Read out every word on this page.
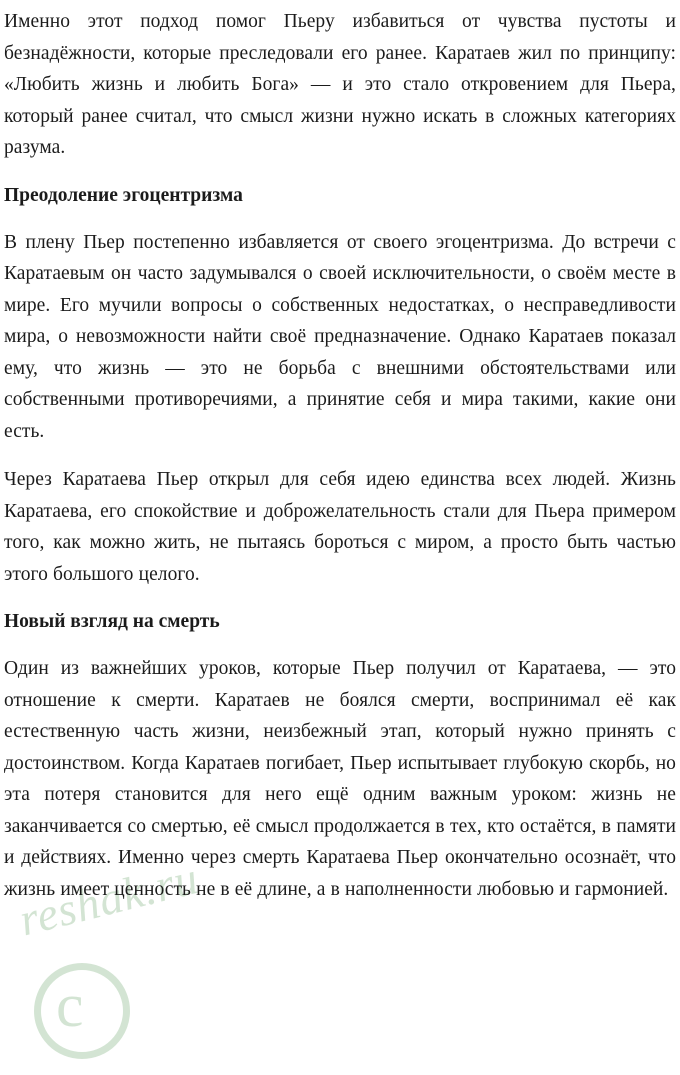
reshak.ru
c

Именно этот подход помог Пьеру избавиться от чувства пустоты и безнадёжности, которые преследовали его ранее. Каратаев жил по принципу: «Любить жизнь и любить Бога» — и это стало откровением для Пьера, который ранее считал, что смысл жизни нужно искать в сложных категориях разума.

Преодоление эгоцентризма

В плену Пьер постепенно избавляется от своего эгоцентризма. До встречи с Каратаевым он часто задумывался о своей исключительности, о своём месте в мире. Его мучили вопросы о собственных недостатках, о несправедливости мира, о невозможности найти своё предназначение. Однако Каратаев показал ему, что жизнь — это не борьба с внешними обстоятельствами или собственными противоречиями, а принятие себя и мира такими, какие они есть.

Через Каратаева Пьер открыл для себя идею единства всех людей. Жизнь Каратаева, его спокойствие и доброжелательность стали для Пьера примером того, как можно жить, не пытаясь бороться с миром, а просто быть частью этого большого целого.

Новый взгляд на смерть

Один из важнейших уроков, которые Пьер получил от Каратаева, — это отношение к смерти. Каратаев не боялся смерти, воспринимал её как естественную часть жизни, неизбежный этап, который нужно принять с достоинством. Когда Каратаев погибает, Пьер испытывает глубокую скорбь, но эта потеря становится для него ещё одним важным уроком: жизнь не заканчивается со смертью, её смысл продолжается в тех, кто остаётся, в памяти и действиях. Именно через смерть Каратаева Пьер окончательно осознаёт, что жизнь имеет ценность не в её длине, а в наполненности любовью и гармонией.
